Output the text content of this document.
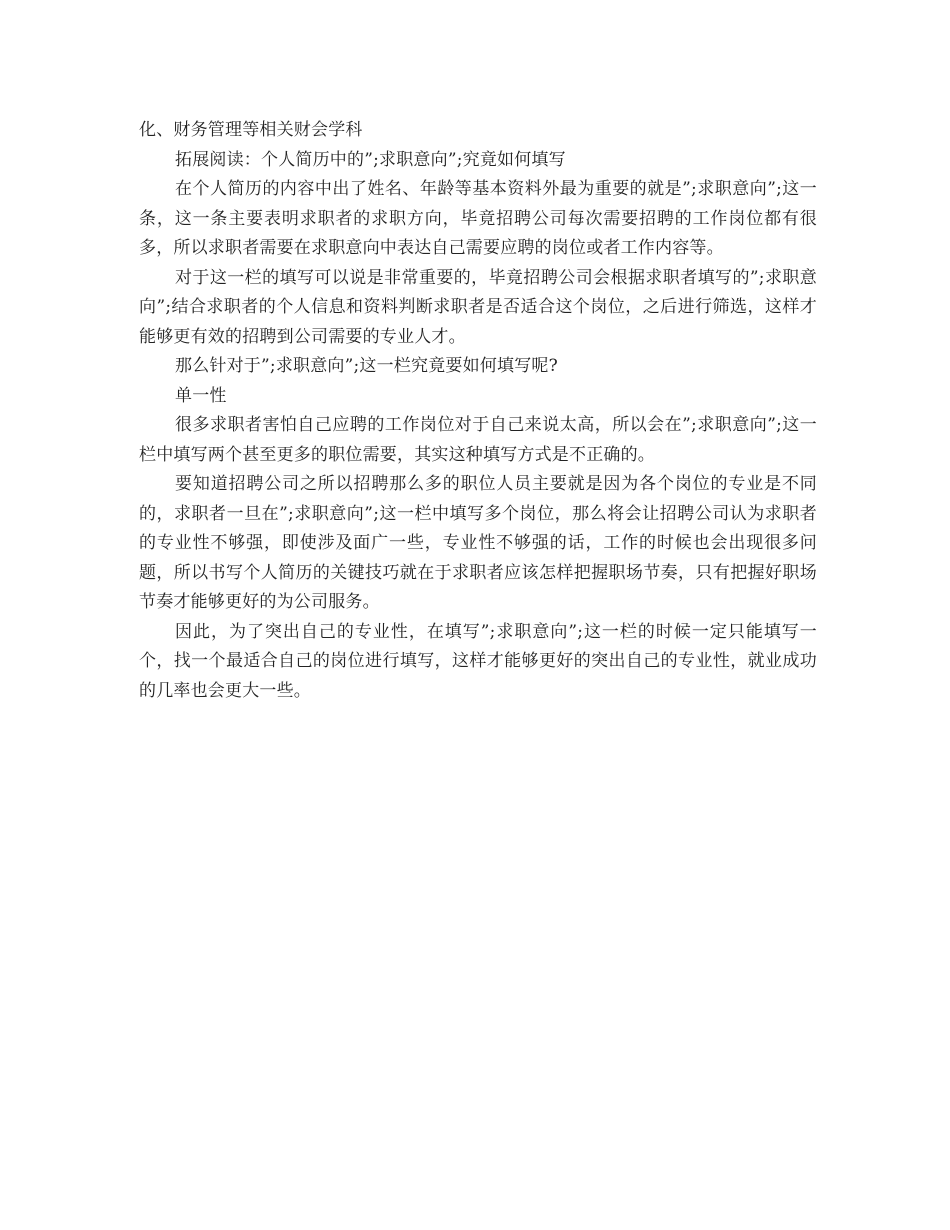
化、财务管理等相关财会学科

拓展阅读：个人简历中的”;求职意向”;究竟如何填写

在个人简历的内容中出了姓名、年龄等基本资料外最为重要的就是”;求职意向”;这一条，这一条主要表明求职者的求职方向，毕竟招聘公司每次需要招聘的工作岗位都有很多，所以求职者需要在求职意向中表达自己需要应聘的岗位或者工作内容等。

对于这一栏的填写可以说是非常重要的，毕竟招聘公司会根据求职者填写的”;求职意向”;结合求职者的个人信息和资料判断求职者是否适合这个岗位，之后进行筛选，这样才能够更有效的招聘到公司需要的专业人才。

那么针对于”;求职意向”;这一栏究竟要如何填写呢?

单一性

很多求职者害怕自己应聘的工作岗位对于自己来说太高，所以会在”;求职意向”;这一栏中填写两个甚至更多的职位需要，其实这种填写方式是不正确的。

要知道招聘公司之所以招聘那么多的职位人员主要就是因为各个岗位的专业是不同的，求职者一旦在”;求职意向”;这一栏中填写多个岗位，那么将会让招聘公司认为求职者的专业性不够强，即使涉及面广一些，专业性不够强的话，工作的时候也会出现很多问题，所以书写个人简历的关键技巧就在于求职者应该怎样把握职场节奏，只有把握好职场节奏才能够更好的为公司服务。

因此，为了突出自己的专业性，在填写”;求职意向”;这一栏的时候一定只能填写一个，找一个最适合自己的岗位进行填写，这样才能够更好的突出自己的专业性，就业成功的几率也会更大一些。
